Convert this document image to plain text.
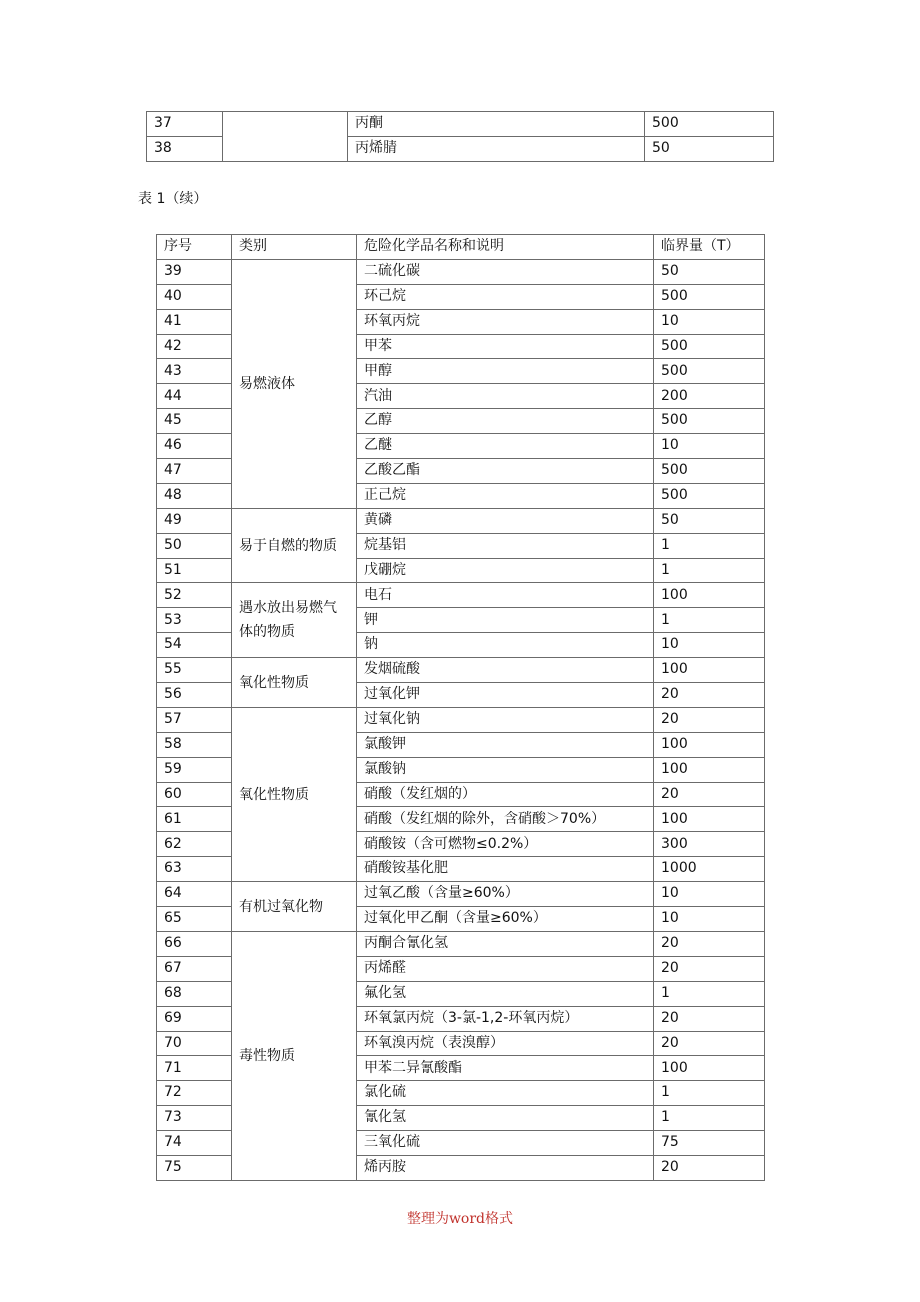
37		丙酮	500
38		丙烯腈	50
表 1（续）
序号	类别	危险化学品名称和说明	临界量（T）
39	易燃液体	二硫化碳	50
40		环己烷	500
41		环氧丙烷	10
42		甲苯	500
43		甲醇	500
44		汽油	200
45		乙醇	500
46		乙醚	10
47		乙酸乙酯	500
48		正己烷	500
49	易于自燃的物质	黄磷	50
50		烷基铝	1
51		戊硼烷	1
52	遇水放出易燃气体的物质	电石	100
53		钾	1
54		钠	10
55	氧化性物质	发烟硫酸	100
56		过氧化钾	20
57	氧化性物质	过氧化钠	20
58		氯酸钾	100
59		氯酸钠	100
60		硝酸（发红烟的）	20
61		硝酸（发红烟的除外，含硝酸＞70%）	100
62		硝酸铵（含可燃物≤0.2%）	300
63		硝酸铵基化肥	1000
64	有机过氧化物	过氧乙酸（含量≥60%）	10
65		过氧化甲乙酮（含量≥60%）	10
66	毒性物质	丙酮合氰化氢	20
67		丙烯醛	20
68		氟化氢	1
69		环氧氯丙烷（3-氯-1,2-环氧丙烷）	20
70		环氧溴丙烷（表溴醇）	20
71		甲苯二异氰酸酯	100
72		氯化硫	1
73		氰化氢	1
74		三氧化硫	75
75		烯丙胺	20
整理为word格式
